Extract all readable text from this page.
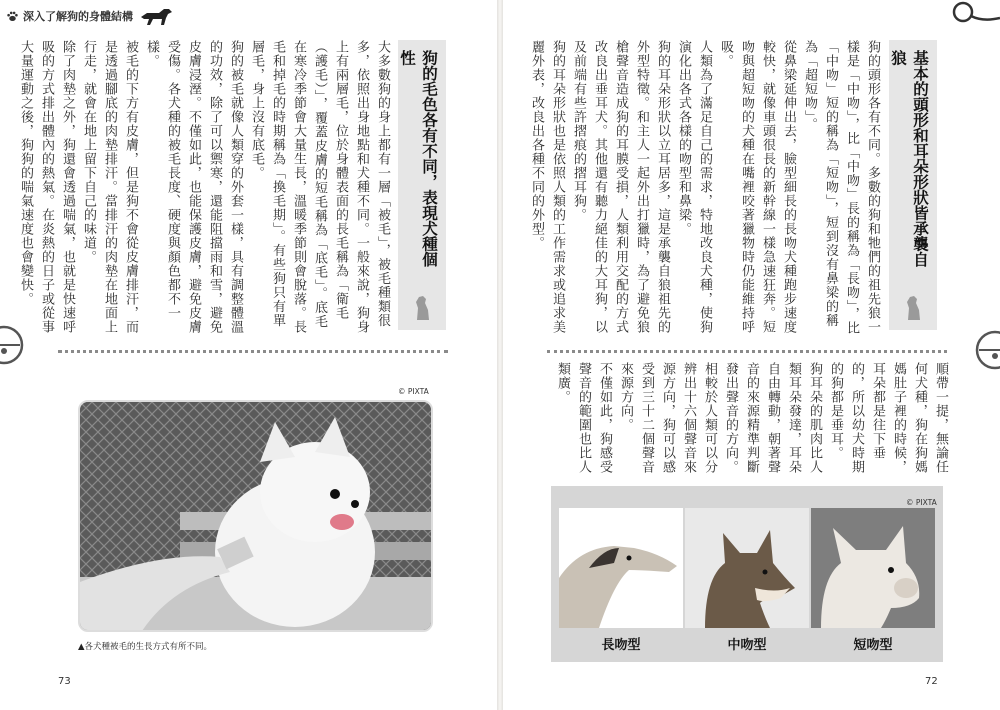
深入了解狗的身體結構
狗的毛色各有不同，表現犬種個性

大多數狗的身上都有一層「被毛」，被毛種類很多，依照出身地點和犬種不同。一般來說，狗身上有兩層毛，位於身體表面的長毛稱為「衛毛（護毛）」，覆蓋皮膚的短毛稱為「底毛」。底毛在寒冷季節會大量生長，溫暖季節則會脫落。長毛和掉毛的時期稱為「換毛期」。有些狗只有單層毛，身上沒有底毛。

狗的被毛就像人類穿的外套一樣，具有調整體溫的功效，除了可以禦寒，還能阻擋雨和雪，避免皮膚浸溼。不僅如此，也能保護皮膚，避免皮膚受傷。各犬種的被毛長度、硬度與顏色都不一樣。

被毛的下方有皮膚，但是狗不會從皮膚排汗，而是透過腳底的肉墊排汗。當排汗的肉墊在地面上行走，就會在地上留下自己的味道。

除了肉墊之外，狗還會透過喘氣，也就是快速呼吸的方式排出體內的熱氣。在炎熱的日子或從事大量運動之後，狗狗的喘氣速度也會變快。

© PIXTA
▲各犬種被毛的生長方式有所不同。
73
基本的頭形和耳朵形狀皆承襲自狼

狗的頭形各有不同。多數的狗和牠們的祖先狼一樣是「中吻」，比「中吻」長的稱為「長吻」，比「中吻」短的稱為「短吻」，短到沒有鼻梁的稱為「超短吻」。

從鼻梁延伸出去，臉型細長的長吻犬種跑步速度較快，就像車頭很長的新幹線一樣急速狂奔。短吻與超短吻的犬種在嘴裡咬著獵物時仍能維持呼吸。

人類為了滿足自己的需求，特地改良犬種，使狗演化出各式各樣的吻型和鼻梁。

狗的耳朵形狀以立耳居多，這是承襲自狼祖先的外型特徵。和主人一起外出打獵時，為了避免狼槍聲音造成狗的耳膜受損，人類利用交配的方式改良出垂耳犬。其他還有聽力絕佳的大耳狗，以及前端有些許摺痕的摺耳狗。

狗的耳朵形狀也是依照人類的工作需求或追求美麗外表，改良出各種不同的外型。

順帶一提，無論任何犬種，狗在狗媽媽肚子裡的時候，耳朵都是往下垂的，所以幼犬時期的狗都是垂耳。

狗耳朵的肌肉比人類耳朵發達，耳朵自由轉動，朝著聲音的來源精準判斷發出聲音的方向。相較於人類可以分辨出十六個聲音來源方向，狗可以感受到三十二個聲音來源方向。

不僅如此，狗感受聲音的範圍也比人類廣。

© PIXTA
長吻型	中吻型	短吻型
72
